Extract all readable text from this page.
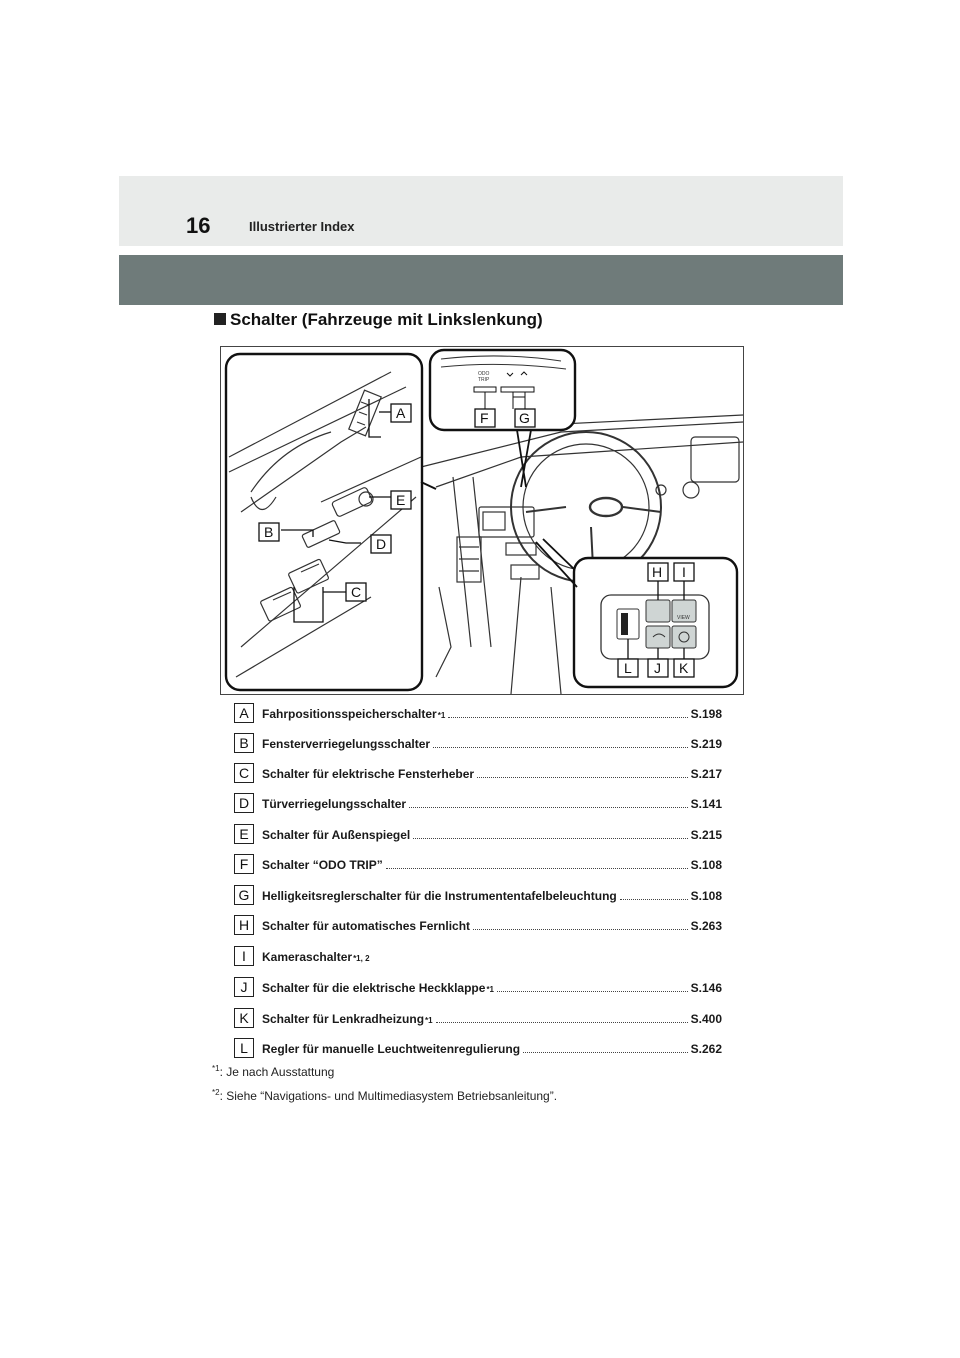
16	Illustrierter Index
Schalter (Fahrzeuge mit Linkslenkung)
ODO
TRIP
VIEW
A
B
C
D
E
F G
H I
J K
L
A	Fahrpositionsspeicherschalter *1	S.198
B	Fensterverriegelungsschalter	S.219
C	Schalter für elektrische Fensterheber	S.217
D	Türverriegelungsschalter	S.141
E	Schalter für Außenspiegel	S.215
F	Schalter “ODO TRIP”	S.108
G	Helligkeitsreglerschalter für die Instrumententafelbeleuchtung	S.108
H	Schalter für automatisches Fernlicht	S.263
I	Kameraschalter *1, 2
J	Schalter für die elektrische Heckklappe *1	S.146
K	Schalter für Lenkradheizung *1	S.400
L	Regler für manuelle Leuchtweitenregulierung	S.262
$^{*1}$: Je nach Ausstattung
$^{*2}$: Siehe “Navigations- und Multimediasystem Betriebsanleitung”.
